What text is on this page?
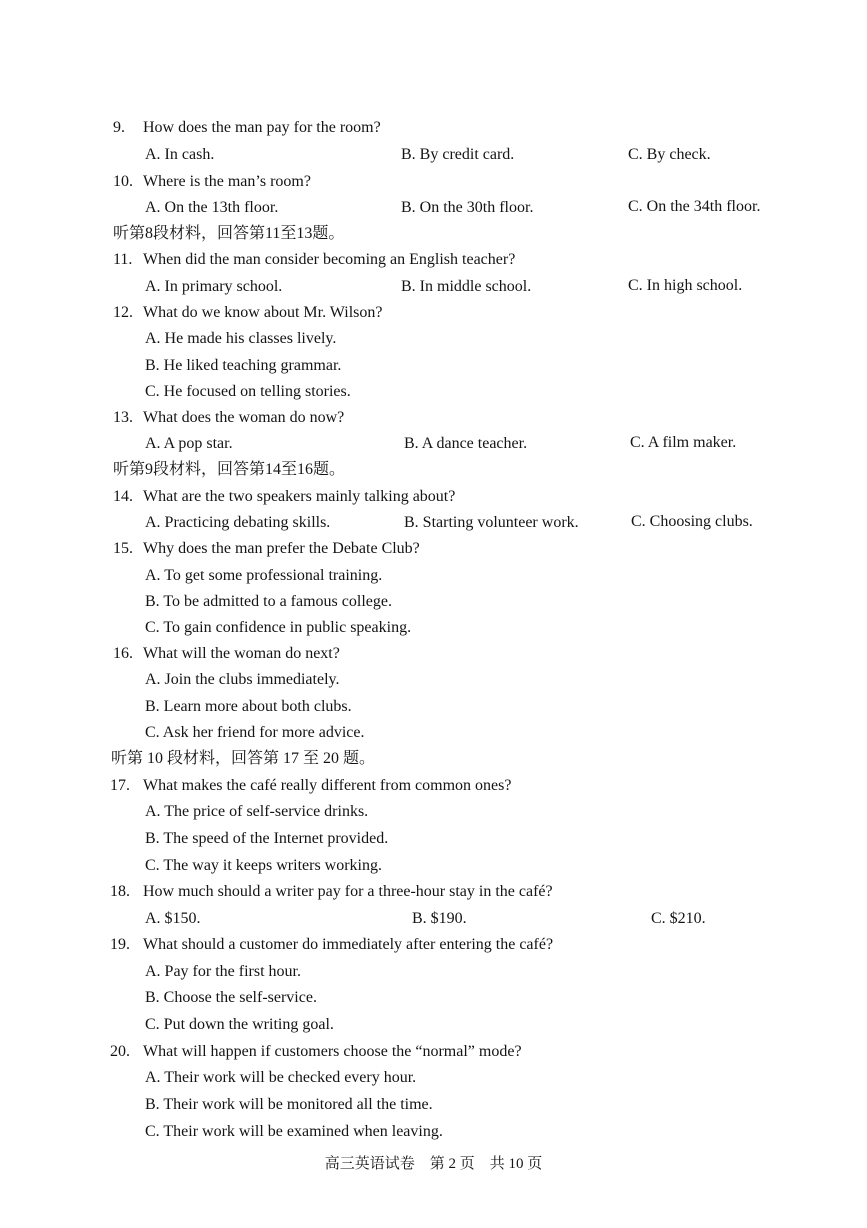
9. How does the man pay for the room?
A. In cash.	B. By credit card.	C. By check.
10. Where is the man’s room?
A. On the 13th floor.	B. On the 30th floor.	C. On the 34th floor.
听第8段材料，回答第11至13题。
11. When did the man consider becoming an English teacher?
A. In primary school.	B. In middle school.	C. In high school.
12. What do we know about Mr. Wilson?
A. He made his classes lively.
B. He liked teaching grammar.
C. He focused on telling stories.
13. What does the woman do now?
A. A pop star.	B. A dance teacher.	C. A film maker.
听第9段材料，回答第14至16题。
14. What are the two speakers mainly talking about?
A. Practicing debating skills.	B. Starting volunteer work.	C. Choosing clubs.
15. Why does the man prefer the Debate Club?
A. To get some professional training.
B. To be admitted to a famous college.
C. To gain confidence in public speaking.
16. What will the woman do next?
A. Join the clubs immediately.
B. Learn more about both clubs.
C. Ask her friend for more advice.
听第 10 段材料，回答第 17 至 20 题。
17. What makes the café really different from common ones?
A. The price of self-service drinks.
B. The speed of the Internet provided.
C. The way it keeps writers working.
18. How much should a writer pay for a three-hour stay in the café?
A. $150.	B. $190.	C. $210.
19. What should a customer do immediately after entering the café?
A. Pay for the first hour.
B. Choose the self-service.
C. Put down the writing goal.
20. What will happen if customers choose the “normal” mode?
A. Their work will be checked every hour.
B. Their work will be monitored all the time.
C. Their work will be examined when leaving.
高三英语试卷　第 2 页　共 10 页
